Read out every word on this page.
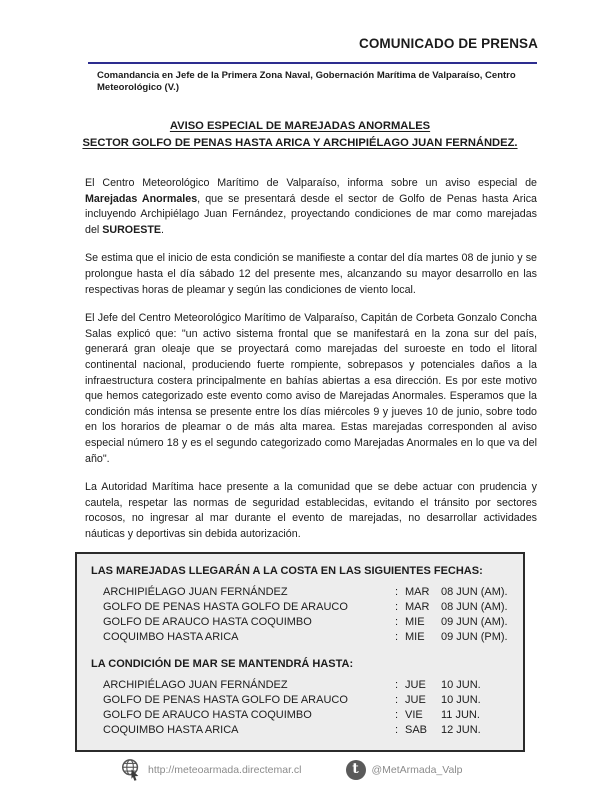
COMUNICADO DE PRENSA
Comandancia en Jefe de la Primera Zona Naval, Gobernación Marítima de Valparaíso, Centro Meteorológico (V.)
AVISO ESPECIAL DE MAREJADAS ANORMALES
SECTOR GOLFO DE PENAS HASTA ARICA Y ARCHIPIÉLAGO JUAN FERNÁNDEZ.
El Centro Meteorológico Marítimo de Valparaíso, informa sobre un aviso especial de Marejadas Anormales, que se presentará desde el sector de Golfo de Penas hasta Arica incluyendo Archipiélago Juan Fernández, proyectando condiciones de mar como marejadas del SUROESTE.
Se estima que el inicio de esta condición se manifieste a contar del día martes 08 de junio y se prolongue hasta el día sábado 12 del presente mes, alcanzando su mayor desarrollo en las respectivas horas de pleamar y según las condiciones de viento local.
El Jefe del Centro Meteorológico Marítimo de Valparaíso, Capitán de Corbeta Gonzalo Concha Salas explicó que: "un activo sistema frontal que se manifestará en la zona sur del país, generará gran oleaje que se proyectará como marejadas del suroeste en todo el litoral continental nacional, produciendo fuerte rompiente, sobrepasos y potenciales daños a la infraestructura costera principalmente en bahías abiertas a esa dirección. Es por este motivo que hemos categorizado este evento como aviso de Marejadas Anormales. Esperamos que la condición más intensa se presente entre los días miércoles 9 y jueves 10 de junio, sobre todo en los horarios de pleamar o de más alta marea. Estas marejadas corresponden al aviso especial número 18 y es el segundo categorizado como Marejadas Anormales en lo que va del año".
La Autoridad Marítima hace presente a la comunidad que se debe actuar con prudencia y cautela, respetar las normas de seguridad establecidas, evitando el tránsito por sectores rocosos, no ingresar al mar durante el evento de marejadas, no desarrollar actividades náuticas y deportivas sin debida autorización.
LAS MAREJADAS LLEGARÁN A LA COSTA EN LAS SIGUIENTES FECHAS:
ARCHIPIÉLAGO JUAN FERNÁNDEZ	: MAR	08 JUN (AM).
GOLFO DE PENAS HASTA GOLFO DE ARAUCO	: MAR	08 JUN (AM).
GOLFO DE ARAUCO HASTA COQUIMBO	: MIE	09 JUN (AM).
COQUIMBO HASTA ARICA	: MIE	09 JUN (PM).
LA CONDICIÓN DE MAR SE MANTENDRÁ HASTA:
ARCHIPIÉLAGO JUAN FERNÁNDEZ	: JUE	10 JUN.
GOLFO DE PENAS HASTA GOLFO DE ARAUCO	: JUE	10 JUN.
GOLFO DE ARAUCO HASTA COQUIMBO	: VIE	11 JUN.
COQUIMBO HASTA ARICA	: SAB	12 JUN.
http://meteoarmada.directemar.cl	t	@MetArmada_Valp
